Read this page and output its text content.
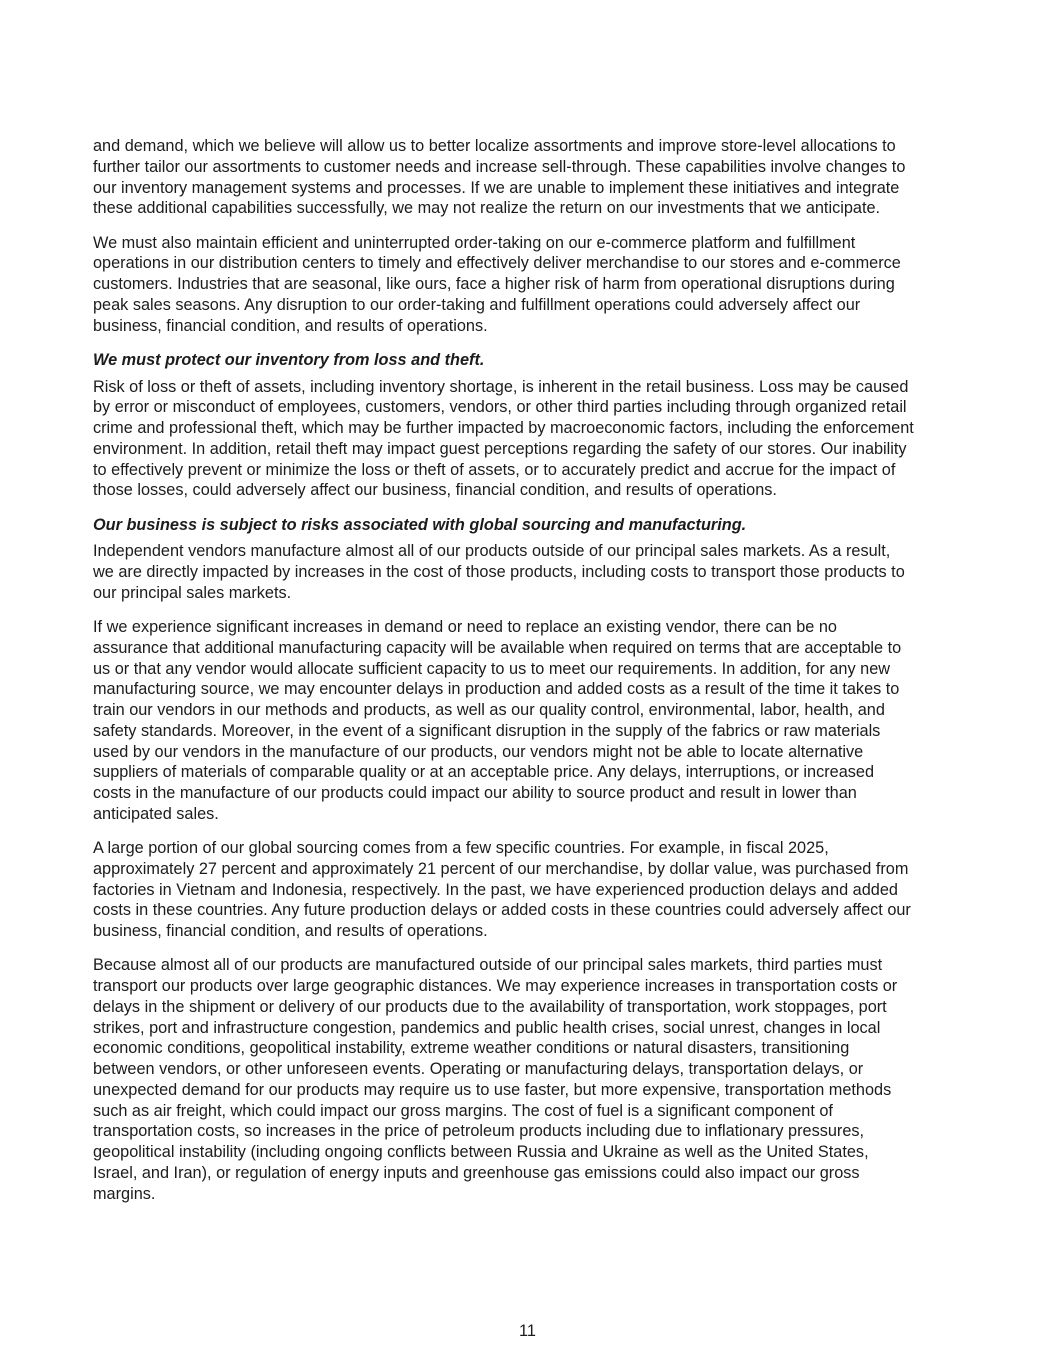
and demand, which we believe will allow us to better localize assortments and improve store-level allocations to
further tailor our assortments to customer needs and increase sell-through. These capabilities involve changes to
our inventory management systems and processes. If we are unable to implement these initiatives and integrate
these additional capabilities successfully, we may not realize the return on our investments that we anticipate.

We must also maintain efficient and uninterrupted order-taking on our e-commerce platform and fulfillment
operations in our distribution centers to timely and effectively deliver merchandise to our stores and e-commerce
customers. Industries that are seasonal, like ours, face a higher risk of harm from operational disruptions during
peak sales seasons. Any disruption to our order-taking and fulfillment operations could adversely affect our
business, financial condition, and results of operations.

We must protect our inventory from loss and theft.

Risk of loss or theft of assets, including inventory shortage, is inherent in the retail business. Loss may be caused
by error or misconduct of employees, customers, vendors, or other third parties including through organized retail
crime and professional theft, which may be further impacted by macroeconomic factors, including the enforcement
environment. In addition, retail theft may impact guest perceptions regarding the safety of our stores. Our inability
to effectively prevent or minimize the loss or theft of assets, or to accurately predict and accrue for the impact of
those losses, could adversely affect our business, financial condition, and results of operations.

Our business is subject to risks associated with global sourcing and manufacturing.

Independent vendors manufacture almost all of our products outside of our principal sales markets. As a result,
we are directly impacted by increases in the cost of those products, including costs to transport those products to
our principal sales markets.

If we experience significant increases in demand or need to replace an existing vendor, there can be no
assurance that additional manufacturing capacity will be available when required on terms that are acceptable to
us or that any vendor would allocate sufficient capacity to us to meet our requirements. In addition, for any new
manufacturing source, we may encounter delays in production and added costs as a result of the time it takes to
train our vendors in our methods and products, as well as our quality control, environmental, labor, health, and
safety standards. Moreover, in the event of a significant disruption in the supply of the fabrics or raw materials
used by our vendors in the manufacture of our products, our vendors might not be able to locate alternative
suppliers of materials of comparable quality or at an acceptable price. Any delays, interruptions, or increased
costs in the manufacture of our products could impact our ability to source product and result in lower than
anticipated sales.

A large portion of our global sourcing comes from a few specific countries. For example, in fiscal 2025,
approximately 27 percent and approximately 21 percent of our merchandise, by dollar value, was purchased from
factories in Vietnam and Indonesia, respectively. In the past, we have experienced production delays and added
costs in these countries. Any future production delays or added costs in these countries could adversely affect our
business, financial condition, and results of operations.

Because almost all of our products are manufactured outside of our principal sales markets, third parties must
transport our products over large geographic distances. We may experience increases in transportation costs or
delays in the shipment or delivery of our products due to the availability of transportation, work stoppages, port
strikes, port and infrastructure congestion, pandemics and public health crises, social unrest, changes in local
economic conditions, geopolitical instability, extreme weather conditions or natural disasters, transitioning
between vendors, or other unforeseen events. Operating or manufacturing delays, transportation delays, or
unexpected demand for our products may require us to use faster, but more expensive, transportation methods
such as air freight, which could impact our gross margins. The cost of fuel is a significant component of
transportation costs, so increases in the price of petroleum products including due to inflationary pressures,
geopolitical instability (including ongoing conflicts between Russia and Ukraine as well as the United States,
Israel, and Iran), or regulation of energy inputs and greenhouse gas emissions could also impact our gross
margins.

11
